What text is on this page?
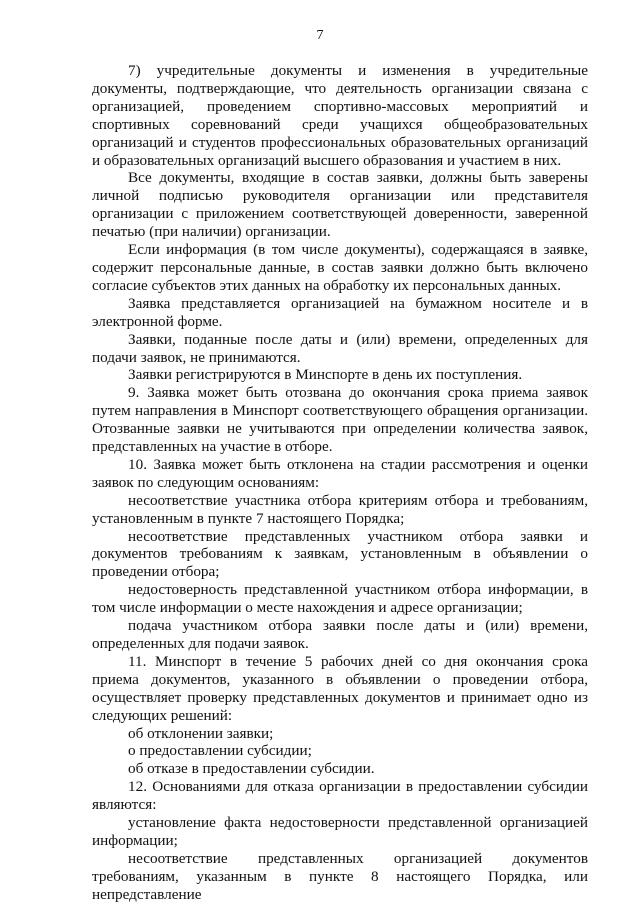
7

7) учредительные документы и изменения в учредительные документы, подтверждающие, что деятельность организации связана с организацией, проведением спортивно-массовых мероприятий и спортивных соревнований среди учащихся общеобразовательных организаций и студентов профессиональных образовательных организаций и образовательных организаций высшего образования и участием в них.

Все документы, входящие в состав заявки, должны быть заверены личной подписью руководителя организации или представителя организации с приложением соответствующей доверенности, заверенной печатью (при наличии) организации.

Если информация (в том числе документы), содержащаяся в заявке, содержит персональные данные, в состав заявки должно быть включено согласие субъектов этих данных на обработку их персональных данных.

Заявка представляется организацией на бумажном носителе и в электронной форме.

Заявки, поданные после даты и (или) времени, определенных для подачи заявок, не принимаются.

Заявки регистрируются в Минспорте в день их поступления.

9. Заявка может быть отозвана до окончания срока приема заявок путем направления в Минспорт соответствующего обращения организации. Отозванные заявки не учитываются при определении количества заявок, представленных на участие в отборе.

10. Заявка может быть отклонена на стадии рассмотрения и оценки заявок по следующим основаниям:

несоответствие участника отбора критериям отбора и требованиям, установленным в пункте 7 настоящего Порядка;

несоответствие представленных участником отбора заявки и документов требованиям к заявкам, установленным в объявлении о проведении отбора;

недостоверность представленной участником отбора информации, в том числе информации о месте нахождения и адресе организации;

подача участником отбора заявки после даты и (или) времени, определенных для подачи заявок.

11. Минспорт в течение 5 рабочих дней со дня окончания срока приема документов, указанного в объявлении о проведении отбора, осуществляет проверку представленных документов и принимает одно из следующих решений:

об отклонении заявки;

о предоставлении субсидии;

об отказе в предоставлении субсидии.

12. Основаниями для отказа организации в предоставлении субсидии являются:

установление факта недостоверности представленной организацией информации;

несоответствие представленных организацией документов требованиям, указанным в пункте 8 настоящего Порядка, или непредставление
